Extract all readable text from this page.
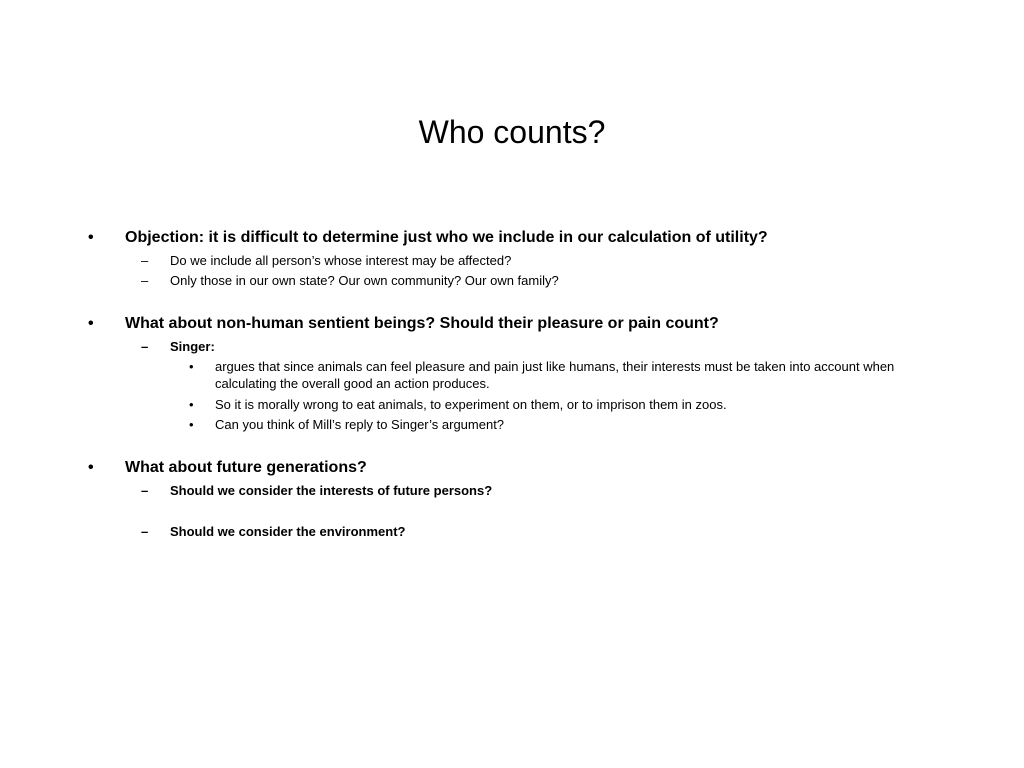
Who counts?
• Objection: it is difficult to determine just who we include in our calculation of utility?
– Do we include all person’s whose interest may be affected?
– Only those in our own state? Our own community? Our own family?
• What about non-human sentient beings? Should their pleasure or pain count?
– Singer:
• argues that since animals can feel pleasure and pain just like humans, their interests must be taken into account when calculating the overall good an action produces.
• So it is morally wrong to eat animals, to experiment on them, or to imprison them in zoos.
• Can you think of Mill’s reply to Singer’s argument?
• What about future generations?
– Should we consider the interests of future persons?
– Should we consider the environment?
